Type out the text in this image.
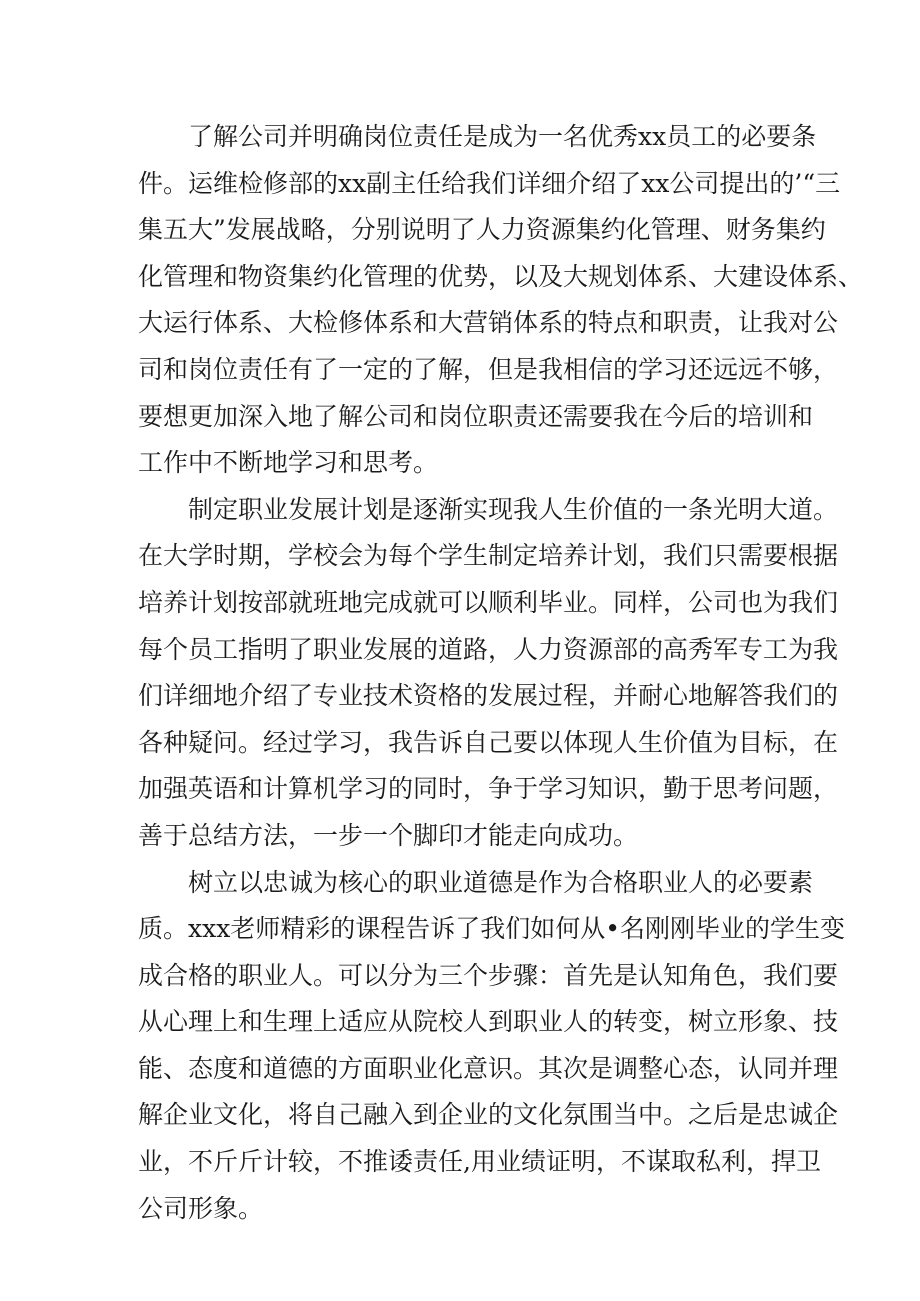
了解公司并明确岗位责任是成为一名优秀xx员工的必要条
件。运维检修部的xx副主任给我们详细介绍了xx公司提出的’“三
集五大”发展战略，分别说明了人力资源集约化管理、财务集约
化管理和物资集约化管理的优势，以及大规划体系、大建设体系、
大运行体系、大检修体系和大营销体系的特点和职责，让我对公
司和岗位责任有了一定的了解，但是我相信的学习还远远不够，
要想更加深入地了解公司和岗位职责还需要我在今后的培训和
工作中不断地学习和思考。
制定职业发展计划是逐渐实现我人生价值的一条光明大道。
在大学时期，学校会为每个学生制定培养计划，我们只需要根据
培养计划按部就班地完成就可以顺利毕业。同样，公司也为我们
每个员工指明了职业发展的道路，人力资源部的高秀军专工为我
们详细地介绍了专业技术资格的发展过程，并耐心地解答我们的
各种疑问。经过学习，我告诉自己要以体现人生价值为目标，在
加强英语和计算机学习的同时，争于学习知识，勤于思考问题，
善于总结方法，一步一个脚印才能走向成功。
树立以忠诚为核心的职业道德是作为合格职业人的必要素
质。xxx老师精彩的课程告诉了我们如何从•名刚刚毕业的学生变
成合格的职业人。可以分为三个步骤：首先是认知角色，我们要
从心理上和生理上适应从院校人到职业人的转变，树立形象、技
能、态度和道德的方面职业化意识。其次是调整心态，认同并理
解企业文化，将自己融入到企业的文化氛围当中。之后是忠诚企
业，不斤斤计较，不推诿责任,用业绩证明，不谋取私利，捍卫
公司形象。
